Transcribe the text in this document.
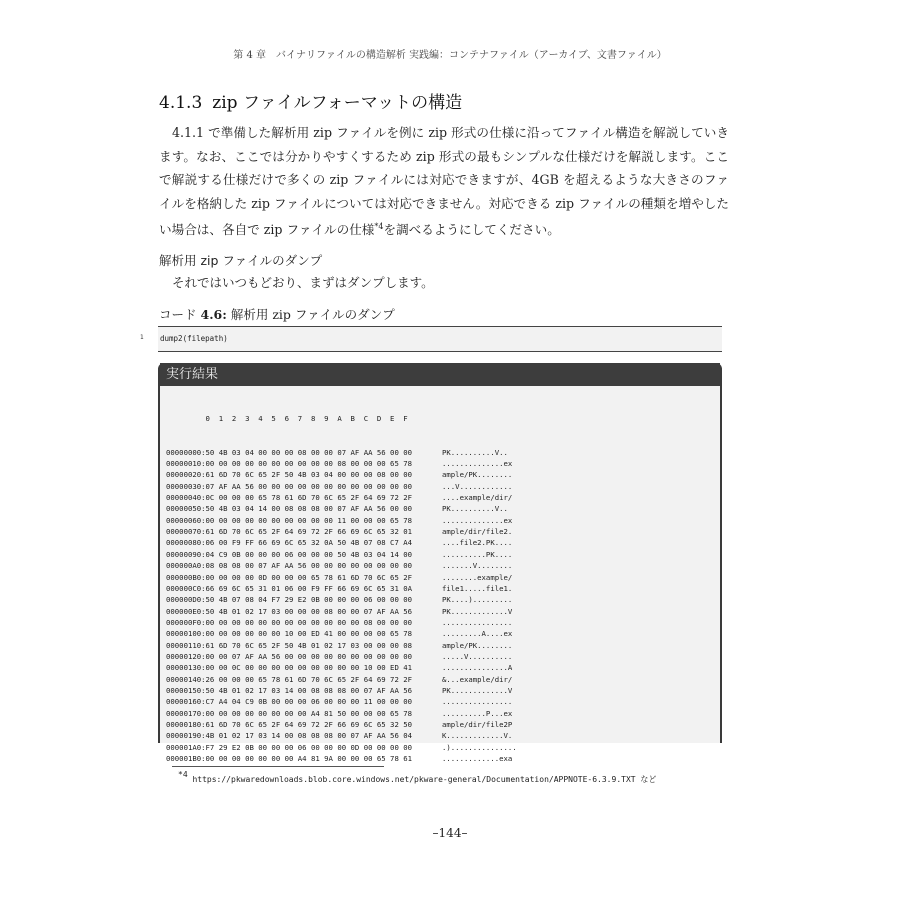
第 4 章　バイナリファイルの構造解析 実践編：コンテナファイル（アーカイブ、文書ファイル）
4.1.3 zip ファイルフォーマットの構造
4.1.1 で準備した解析用 zip ファイルを例に zip 形式の仕様に沿ってファイル構造を解説していき
ます。なお、ここでは分かりやすくするため zip 形式の最もシンプルな仕様だけを解説します。ここ
で解説する仕様だけで多くの zip ファイルには対応できますが、4GB を超えるような大きさのファ
イルを格納した zip ファイルについては対応できません。対応できる zip ファイルの種類を増やした
い場合は、各自で zip ファイルの仕様$^{*4}$を調べるようにしてください。
解析用 zip ファイルのダンプ
それではいつもどおり、まずはダンプします。
コード 4.6: 解析用 zip ファイルのダンプ
1 dump2(filepath)
実行結果

0  1  2  3  4  5  6  7  8  9  A  B  C  D  E  F

00000000:50 4B 03 04 00 00 00 08 00 00 07 AF AA 56 00 00	PK..........V..
00000010:00 00 00 00 00 00 00 00 00 00 08 00 00 00 65 78	..............ex
00000020:61 6D 70 6C 65 2F 50 4B 03 04 00 00 00 08 00 00	ample/PK........
00000030:07 AF AA 56 00 00 00 00 00 00 00 00 00 00 00 00	...V............
00000040:0C 00 00 00 65 78 61 6D 70 6C 65 2F 64 69 72 2F	....example/dir/
00000050:50 4B 03 04 14 00 08 08 08 00 07 AF AA 56 00 00	PK..........V..
00000060:00 00 00 00 00 00 00 00 00 00 11 00 00 00 65 78	..............ex
00000070:61 6D 70 6C 65 2F 64 69 72 2F 66 69 6C 65 32 01	ample/dir/file2.
00000080:06 00 F9 FF 66 69 6C 65 32 0A 50 4B 07 08 C7 A4	....file2.PK....
00000090:04 C9 0B 00 00 00 06 00 00 00 50 4B 03 04 14 00	..........PK....
000000A0:08 08 08 00 07 AF AA 56 00 00 00 00 00 00 00 00	.......V........
000000B0:00 00 00 00 0D 00 00 00 65 78 61 6D 70 6C 65 2F	........example/
000000C0:66 69 6C 65 31 01 06 00 F9 FF 66 69 6C 65 31 0A	file1.....file1.
000000D0:50 4B 07 08 04 F7 29 E2 0B 00 00 00 06 00 00 00	PK....).........
000000E0:50 4B 01 02 17 03 00 00 00 08 00 00 07 AF AA 56	PK.............V
000000F0:00 00 00 00 00 00 00 00 00 00 00 00 08 00 00 00	................
00000100:00 00 00 00 00 00 10 00 ED 41 00 00 00 00 65 78	.........A....ex
00000110:61 6D 70 6C 65 2F 50 4B 01 02 17 03 00 00 00 08	ample/PK........
00000120:00 00 07 AF AA 56 00 00 00 00 00 00 00 00 00 00	.....V..........
00000130:00 00 0C 00 00 00 00 00 00 00 00 00 10 00 ED 41	...............A
00000140:26 00 00 00 65 78 61 6D 70 6C 65 2F 64 69 72 2F	&...example/dir/
00000150:50 4B 01 02 17 03 14 00 08 08 08 00 07 AF AA 56	PK.............V
00000160:C7 A4 04 C9 0B 00 00 00 06 00 00 00 11 00 00 00	................
00000170:00 00 00 00 00 00 00 00 A4 81 50 00 00 00 65 78	..........P...ex
00000180:61 6D 70 6C 65 2F 64 69 72 2F 66 69 6C 65 32 50	ample/dir/file2P
00000190:4B 01 02 17 03 14 00 08 08 08 00 07 AF AA 56 04	K.............V.
000001A0:F7 29 E2 0B 00 00 00 06 00 00 00 0D 00 00 00 00	.)...............
000001B0:00 00 00 00 00 00 00 A4 81 9A 00 00 00 65 78 61	.............exa
$^{*4}$ https://pkwaredownloads.blob.core.windows.net/pkware-general/Documentation/APPNOTE-6.3.9.TXT など
–144–
